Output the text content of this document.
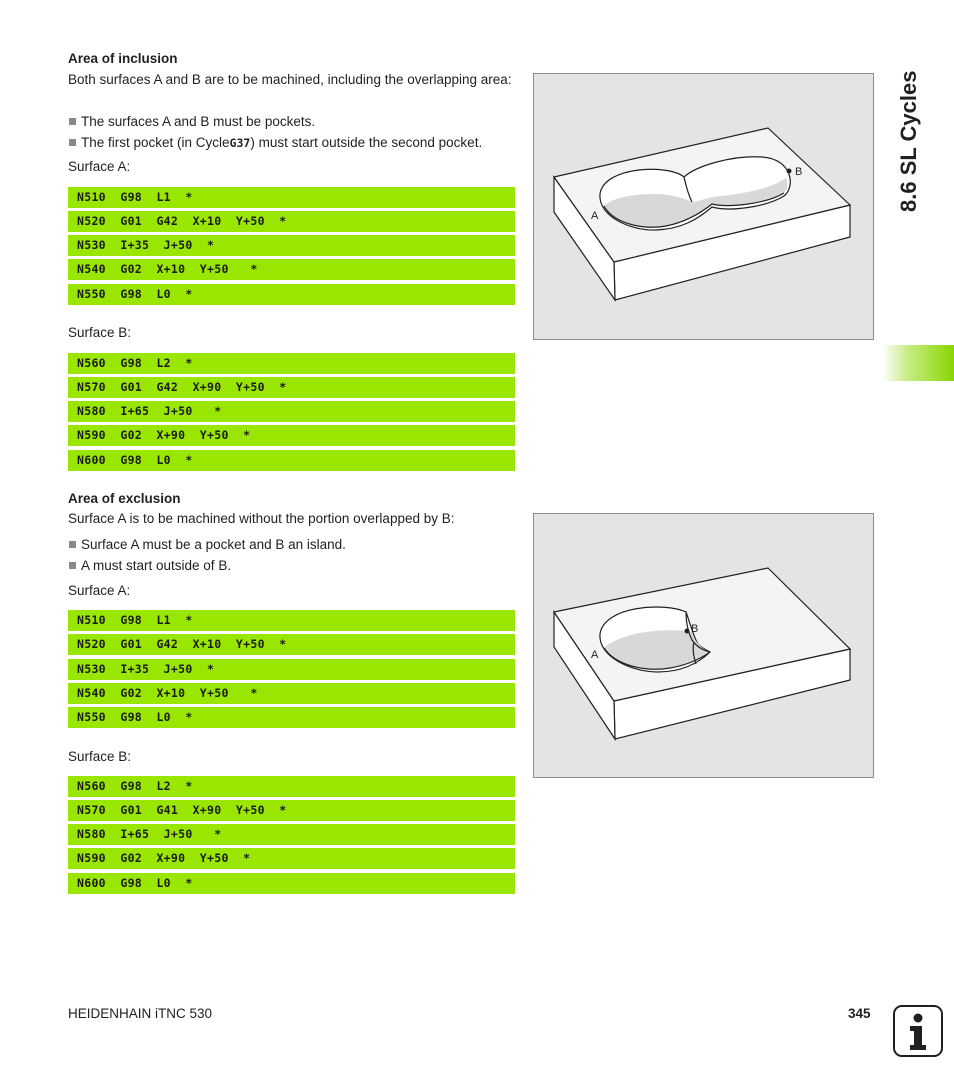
8.6 SL Cycles
Area of inclusion
Both surfaces A and B are to be machined, including the overlapping area:
The surfaces A and B must be pockets.
The first pocket (in Cycle G37 ) must start outside the second pocket.
Surface A:
N510  G98  L1  *
N520  G01  G42  X+10  Y+50  *
N530  I+35  J+50  *
N540  G02  X+10  Y+50   *
N550  G98  L0  *
Surface B:
N560  G98  L2  *
N570  G01  G42  X+90  Y+50  *
N580  I+65  J+50   *
N590  G02  X+90  Y+50  *
N600  G98  L0  *
A
B
Area of exclusion
Surface A is to be machined without the portion overlapped by B:
Surface A must be a pocket and B an island.
A must start outside of B.
Surface A:
N510  G98  L1  *
N520  G01  G42  X+10  Y+50  *
N530  I+35  J+50  *
N540  G02  X+10  Y+50   *
N550  G98  L0  *
Surface B:
N560  G98  L2  *
N570  G01  G41  X+90  Y+50  *
N580  I+65  J+50   *
N590  G02  X+90  Y+50  *
N600  G98  L0  *
A
B
HEIDENHAIN iTNC 530	345
